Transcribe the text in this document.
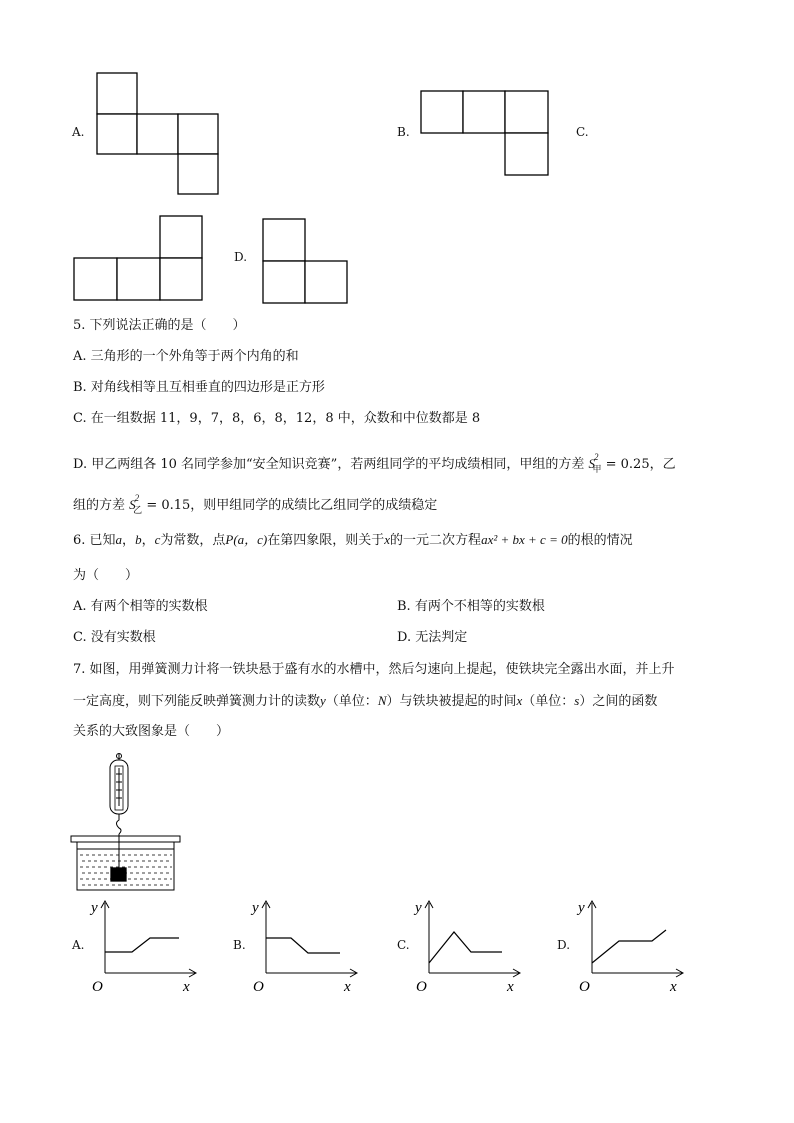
A.	B.	C.
D.
5. 下列说法正确的是（　　）
A. 三角形的一个外角等于两个内角的和
B. 对角线相等且互相垂直的四边形是正方形
C. 在一组数据 11，9，7，8，6，8，12，8 中，众数和中位数都是 8
D. 甲乙两组各 10 名同学参加“安全知识竞赛”，若两组同学的平均成绩相同，甲组的方差 S2甲 = 0.25，乙
组的方差 S2乙 = 0.15，则甲组同学的成绩比乙组同学的成绩稳定
6. 已知a，b，c为常数，点P(a，c)在第四象限，则关于x的一元二次方程ax² + bx + c = 0的根的情况
为（　　）
A. 有两个相等的实数根	B. 有两个不相等的实数根
C. 没有实数根	D. 无法判定
7. 如图，用弹簧测力计将一铁块悬于盛有水的水槽中，然后匀速向上提起，使铁块完全露出水面，并上升
一定高度，则下列能反映弹簧测力计的读数y（单位：N）与铁块被提起的时间x（单位：s）之间的函数
关系的大致图象是（　　）
A.
O
y
x
B.
O
y
x
C.
O
y
x
D.
O
y
x
